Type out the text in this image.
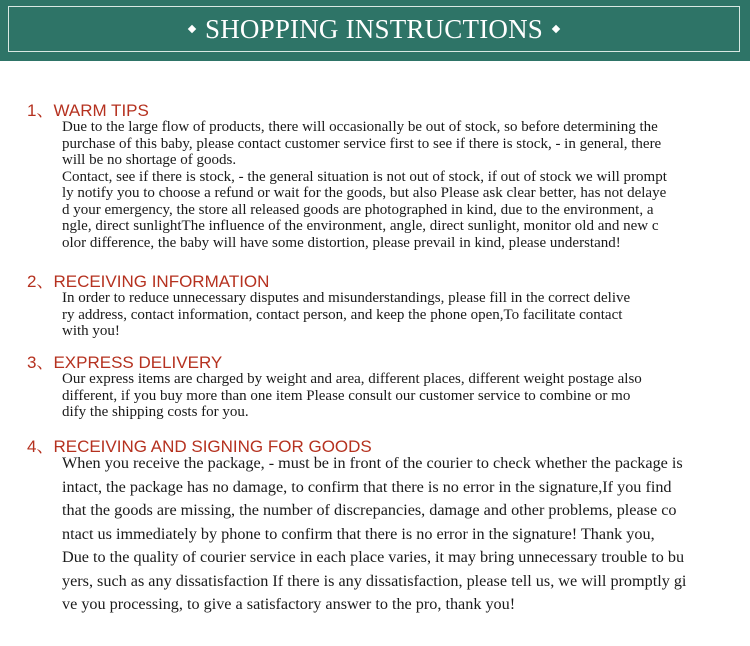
SHOPPING INSTRUCTIONS
1、WARM TIPS
Due to the large flow of products, there will occasionally be out of stock, so before determining the
purchase of this baby, please contact customer service first to see if there is stock, - in general, there
will be no shortage of goods.
Contact, see if there is stock, - the general situation is not out of stock, if out of stock we will prompt
ly notify you to choose a refund or wait for the goods, but also Please ask clear better, has not delaye
d your emergency, the store all released goods are photographed in kind, due to the environment, a
ngle, direct sunlightThe influence of the environment, angle, direct sunlight, monitor old and new c
olor difference, the baby will have some distortion, please prevail in kind, please understand!
2、RECEIVING INFORMATION
In order to reduce unnecessary disputes and misunderstandings, please fill in the correct delive
ry address, contact information, contact person, and keep the phone open,To facilitate contact
with you!
3、EXPRESS DELIVERY
Our express items are charged by weight and area, different places, different weight postage also
different, if you buy more than one item Please consult our customer service to combine or mo
dify the shipping costs for you.
4、RECEIVING AND SIGNING FOR GOODS
When you receive the package, - must be in front of the courier to check whether the package is
intact, the package has no damage, to confirm that there is no error in the signature,If you find
that the goods are missing, the number of discrepancies, damage and other problems, please co
ntact us immediately by phone to confirm that there is no error in the signature! Thank you,
Due to the quality of courier service in each place varies, it may bring unnecessary trouble to bu
yers, such as any dissatisfaction If there is any dissatisfaction, please tell us, we will promptly gi
ve you processing, to give a satisfactory answer to the pro, thank you!
